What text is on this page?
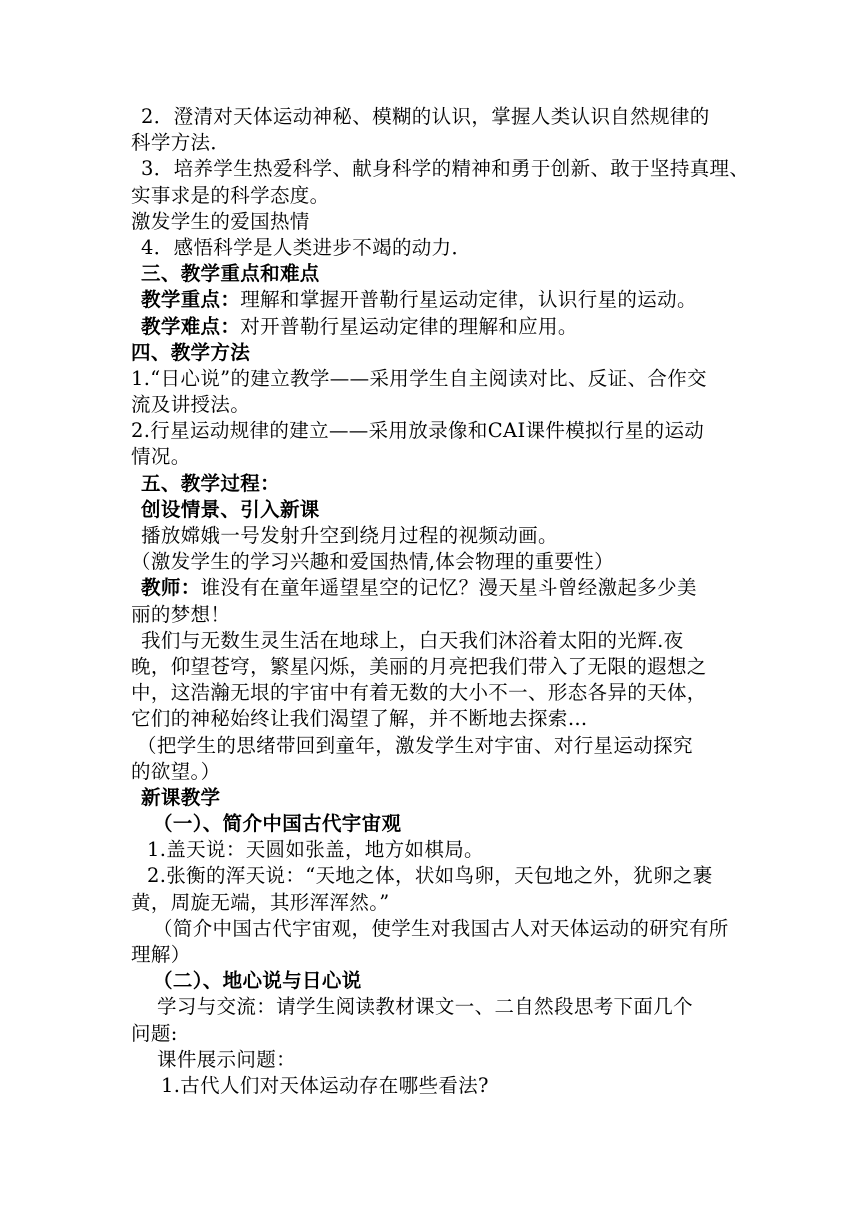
2．澄清对天体运动神秘、模糊的认识，掌握人类认识自然规律的
科学方法．
3．培养学生热爱科学、献身科学的精神和勇于创新、敢于坚持真理、
实事求是的科学态度。
激发学生的爱国热情
4．感悟科学是人类进步不竭的动力．
三、教学重点和难点
教学重点：理解和掌握开普勒行星运动定律，认识行星的运动。
教学难点：对开普勒行星运动定律的理解和应用。
四、教学方法
1.“日心说”的建立教学——采用学生自主阅读对比、反证、合作交
流及讲授法。
2.行星运动规律的建立——采用放录像和CAI课件模拟行星的运动
情况。
五、教学过程：
创设情景、引入新课
播放嫦娥一号发射升空到绕月过程的视频动画。
（激发学生的学习兴趣和爱国热情,体会物理的重要性）
教师：谁没有在童年遥望星空的记忆？漫天星斗曾经激起多少美
丽的梦想！
我们与无数生灵生活在地球上，白天我们沐浴着太阳的光辉.夜
晚，仰望苍穹，繁星闪烁，美丽的月亮把我们带入了无限的遐想之
中，这浩瀚无垠的宇宙中有着无数的大小不一、形态各异的天体，
它们的神秘始终让我们渴望了解，并不断地去探索…
（把学生的思绪带回到童年，激发学生对宇宙、对行星运动探究
的欲望。）
新课教学
（一）、简介中国古代宇宙观
1.盖天说：天圆如张盖，地方如棋局。
2.张衡的浑天说：“天地之体，状如鸟卵，天包地之外，犹卵之裹
黄，周旋无端，其形浑浑然。”
（简介中国古代宇宙观，使学生对我国古人对天体运动的研究有所
理解）
（二）、地心说与日心说
学习与交流：请学生阅读教材课文一、二自然段思考下面几个
问题:
课件展示问题：
1.古代人们对天体运动存在哪些看法?
